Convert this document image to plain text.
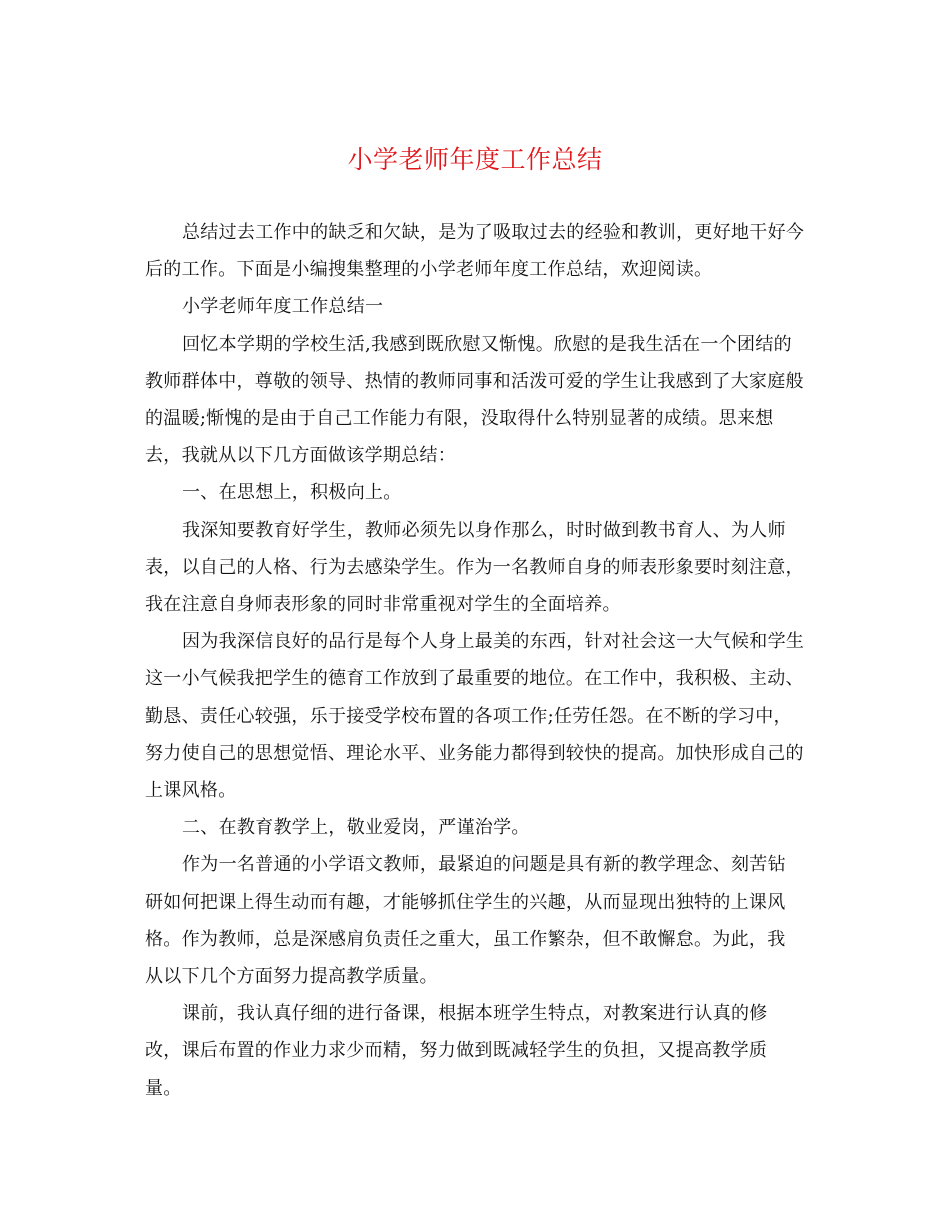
小学老师年度工作总结

总结过去工作中的缺乏和欠缺，是为了吸取过去的经验和教训，更好地干好今后的工作。下面是小编搜集整理的小学老师年度工作总结，欢迎阅读。

小学老师年度工作总结一

回忆本学期的学校生活,我感到既欣慰又惭愧。欣慰的是我生活在一个团结的教师群体中，尊敬的领导、热情的教师同事和活泼可爱的学生让我感到了大家庭般的温暖;惭愧的是由于自己工作能力有限，没取得什么特别显著的成绩。思来想去，我就从以下几方面做该学期总结：

一、在思想上，积极向上。

我深知要教育好学生，教师必须先以身作那么，时时做到教书育人、为人师表，以自己的人格、行为去感染学生。作为一名教师自身的师表形象要时刻注意，我在注意自身师表形象的同时非常重视对学生的全面培养。

因为我深信良好的品行是每个人身上最美的东西，针对社会这一大气候和学生这一小气候我把学生的德育工作放到了最重要的地位。在工作中，我积极、主动、勤恳、责任心较强，乐于接受学校布置的各项工作;任劳任怨。在不断的学习中，努力使自己的思想觉悟、理论水平、业务能力都得到较快的提高。加快形成自己的上课风格。

二、在教育教学上，敬业爱岗，严谨治学。

作为一名普通的小学语文教师，最紧迫的问题是具有新的教学理念、刻苦钻研如何把课上得生动而有趣，才能够抓住学生的兴趣，从而显现出独特的上课风格。作为教师，总是深感肩负责任之重大，虽工作繁杂，但不敢懈怠。为此，我从以下几个方面努力提高教学质量。

课前，我认真仔细的进行备课，根据本班学生特点，对教案进行认真的修改，课后布置的作业力求少而精，努力做到既减轻学生的负担，又提高教学质量。
